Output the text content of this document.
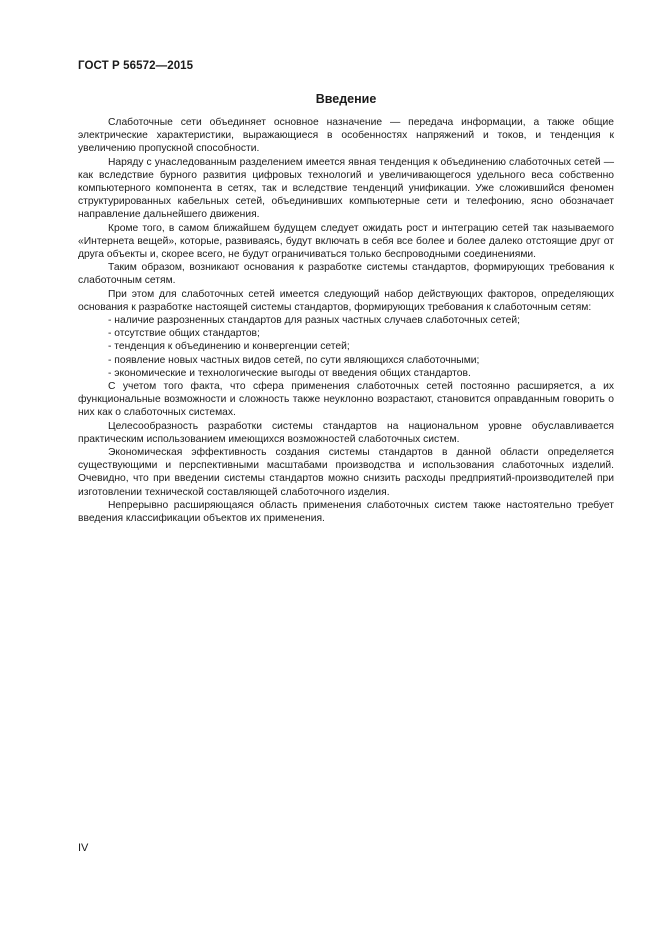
ГОСТ Р 56572—2015
Введение

Слаботочные сети объединяет основное назначение — передача информации, а также общие электрические характеристики, выражающиеся в особенностях напряжений и токов, и тенденция к увеличению пропускной способности.

Наряду с унаследованным разделением имеется явная тенденция к объединению слаботочных сетей — как вследствие бурного развития цифровых технологий и увеличивающегося удельного веса собственно компьютерного компонента в сетях, так и вследствие тенденций унификации. Уже сложившийся феномен структурированных кабельных сетей, объединивших компьютерные сети и телефонию, ясно обозначает направление дальнейшего движения.

Кроме того, в самом ближайшем будущем следует ожидать рост и интеграцию сетей так называемого «Интернета вещей», которые, развиваясь, будут включать в себя все более и более далеко отстоящие друг от друга объекты и, скорее всего, не будут ограничиваться только беспроводными соединениями.

Таким образом, возникают основания к разработке системы стандартов, формирующих требования к слаботочным сетям.

При этом для слаботочных сетей имеется следующий набор действующих факторов, определяющих основания к разработке настоящей системы стандартов, формирующих требования к слаботочным сетям:

- наличие разрозненных стандартов для разных частных случаев слаботочных сетей;
- отсутствие общих стандартов;
- тенденция к объединению и конвергенции сетей;
- появление новых частных видов сетей, по сути являющихся слаботочными;
- экономические и технологические выгоды от введения общих стандартов.

С учетом того факта, что сфера применения слаботочных сетей постоянно расширяется, а их функциональные возможности и сложность также неуклонно возрастают, становится оправданным говорить о них как о слаботочных системах.

Целесообразность разработки системы стандартов на национальном уровне обуславливается практическим использованием имеющихся возможностей слаботочных систем.

Экономическая эффективность создания системы стандартов в данной области определяется существующими и перспективными масштабами производства и использования слаботочных изделий. Очевидно, что при введении системы стандартов можно снизить расходы предприятий-производителей при изготовлении технической составляющей слаботочного изделия.

Непрерывно расширяющаяся область применения слаботочных систем также настоятельно требует введения классификации объектов их применения.

IV
